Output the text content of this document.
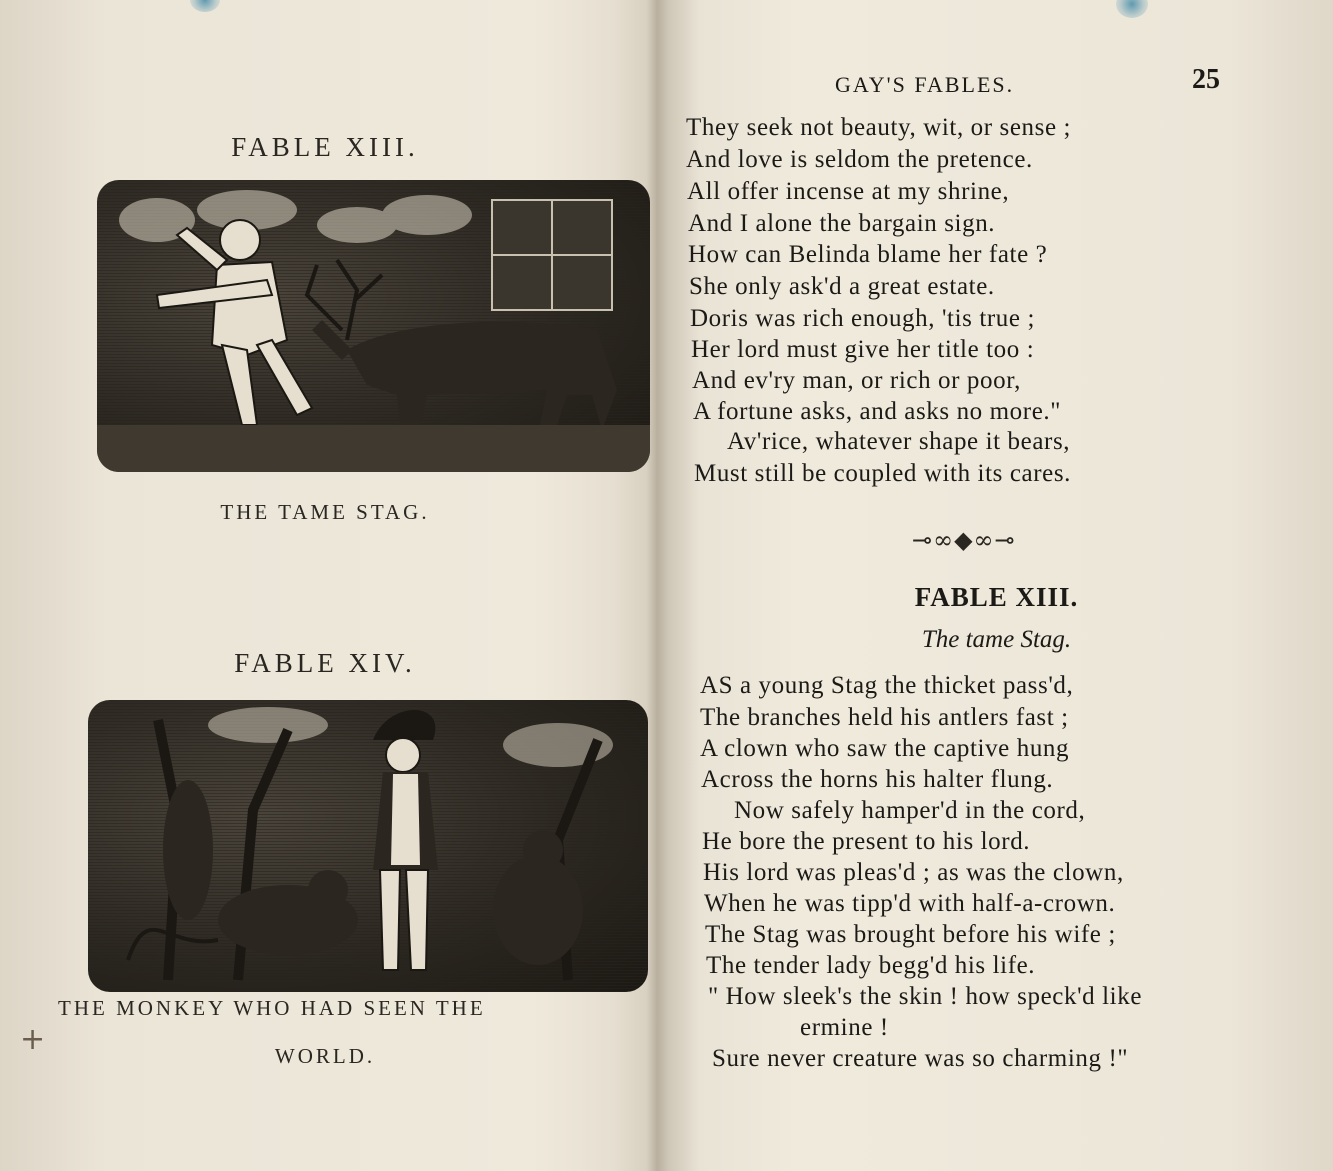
FABLE XIII.
THE TAME STAG.
FABLE XIV.
THE MONKEY WHO HAD SEEN THE
WORLD.
+
GAY'S FABLES.	25
They seek not beauty, wit, or sense ;
And love is seldom the pretence.
All offer incense at my shrine,
And I alone the bargain sign.
How can Belinda blame her fate ?
She only ask'd a great estate.
Doris was rich enough, 'tis true ;
Her lord must give her title too :
And ev'ry man, or rich or poor,
A fortune asks, and asks no more."
Av'rice, whatever shape it bears,
Must still be coupled with its cares.
⊸∞◆∞⊸
FABLE XIII.
The tame Stag.
AS a young Stag the thicket pass'd,
The branches held his antlers fast ;
A clown who saw the captive hung
Across the horns his halter flung.
Now safely hamper'd in the cord,
He bore the present to his lord.
His lord was pleas'd ; as was the clown,
When he was tipp'd with half-a-crown.
The Stag was brought before his wife ;
The tender lady begg'd his life.
" How sleek's the skin ! how speck'd like
ermine !
Sure never creature was so charming !"
